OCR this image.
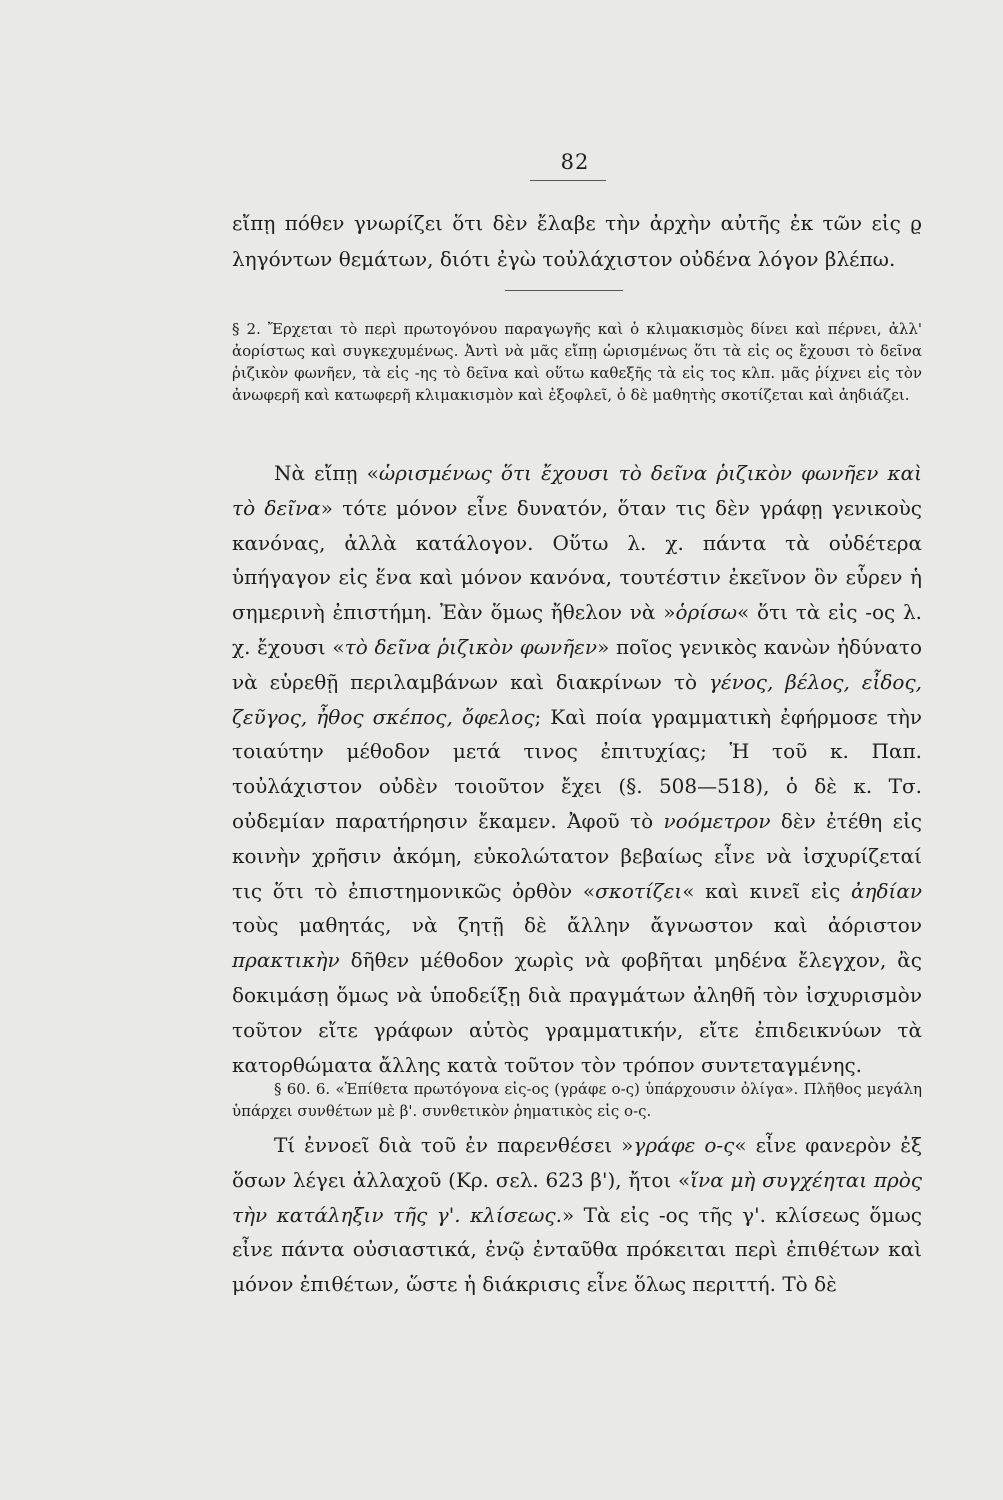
82

εἴπῃ πόθεν γνωρίζει ὅτι δὲν ἔλαβε τὴν ἀρχὴν αὐτῆς ἐκ τῶν εἰς ϱ ληγόντων θεμάτων, διότι ἐγὼ τοὐλάχιστον οὐδένα λόγον βλέπω.

§ 2. Ἔρχεται τὸ περὶ πρωτογόνου παραγωγῆς καὶ ὁ κλιμακισμὸς δίνει καὶ πέρνει, ἀλλ' ἀορίστως καὶ συγκεχυμένως. Ἀντὶ νὰ μᾶς εἴπῃ ὡρισμένως ὅτι τὰ εἰς ος ἔχουσι τὸ δεῖνα ῥιζικὸν φωνῆεν, τὰ εἰς -ης τὸ δεῖνα καὶ οὕτω καθεξῆς τὰ εἰς τος κλπ. μᾶς ῥίχνει εἰς τὸν ἀνωφερῆ καὶ κατωφερῆ κλιμακισμὸν καὶ ἐξοφλεῖ, ὁ δὲ μαθητὴς σκοτίζεται καὶ ἀηδιάζει.

Νὰ εἴπῃ «ὡρισμένως ὅτι ἔχουσι τὸ δεῖνα ῥιζικὸν φωνῆεν καὶ τὸ δεῖνα» τότε μόνον εἶνε δυνατόν, ὅταν τις δὲν γράφῃ γενικοὺς κανόνας, ἀλλὰ κατάλογον. Οὕτω λ. χ. πάντα τὰ οὐδέτερα ὑπήγαγον εἰς ἕνα καὶ μόνον κανόνα, τουτέστιν ἐκεῖνον ὃν εὗρεν ἡ σημερινὴ ἐπιστήμη. Ἐὰν ὅμως ἤθελον νὰ »ὁρίσω« ὅτι τὰ εἰς -ος λ. χ. ἔχουσι «τὸ δεῖνα ῥιζικὸν φωνῆεν» ποῖος γενικὸς κανὼν ἠδύνατο νὰ εὑρεθῇ περιλαμβάνων καὶ διακρίνων τὸ γένος, βέλος, εἶδος, ζεῦγος, ἦθος σκέπος, ὄφελος; Καὶ ποία γραμματικὴ ἐφήρμοσε τὴν τοιαύτην μέθοδον μετά τινος ἐπιτυχίας; Ἡ τοῦ κ. Παπ. τοὐλάχιστον οὐδὲν τοιοῦτον ἔχει (§. 508—518), ὁ δὲ κ. Τσ. οὐδεμίαν παρατήρησιν ἔκαμεν. Ἀφοῦ τὸ νοόμετρον δὲν ἐτέθη εἰς κοινὴν χρῆσιν ἀκόμη, εὐκολώτατον βεβαίως εἶνε νὰ ἰσχυρίζεταί τις ὅτι τὸ ἐπιστημονικῶς ὀρθὸν «σκοτίζει« καὶ κινεῖ εἰς ἀηδίαν τοὺς μαθητάς, νὰ ζητῇ δὲ ἄλλην ἄγνωστον καὶ ἀόριστον πρακτικὴν δῆθεν μέθοδον χωρὶς νὰ φοβῆται μηδένα ἔλεγχον, ἂς δοκιμάσῃ ὅμως νὰ ὑποδείξῃ διὰ πραγμάτων ἀληθῆ τὸν ἰσχυρισμὸν τοῦτον εἴτε γράφων αὐτὸς γραμματικήν, εἴτε ἐπιδεικνύων τὰ κατορθώματα ἄλλης κατὰ τοῦτον τὸν τρόπον συντεταγμένης.

§ 60. 6. «Ἐπίθετα πρωτόγονα εἰς-ος (γράφε ο-ς) ὑπάρχουσιν ὀλίγα». Πλῆθος μεγάλη ὑπάρχει συνθέτων μὲ β'. συνθετικὸν ῥηματικὸς εἰς ο-ς.

Τί ἐννοεῖ διὰ τοῦ ἐν παρενθέσει »γράφε ο-ς« εἶνε φανερὸν ἐξ ὅσων λέγει ἀλλαχοῦ (Κρ. σελ. 623 β'), ἤτοι «ἵνα μὴ συγχέηται πρὸς τὴν κατάληξιν τῆς γ'. κλίσεως.» Τὰ εἰς -ος τῆς γ'. κλίσεως ὅμως εἶνε πάντα οὐσιαστικά, ἐνῷ ἐνταῦθα πρόκειται περὶ ἐπιθέτων καὶ μόνον ἐπιθέτων, ὥστε ἡ διάκρισις εἶνε ὅλως περιττή. Τὸ δὲ
